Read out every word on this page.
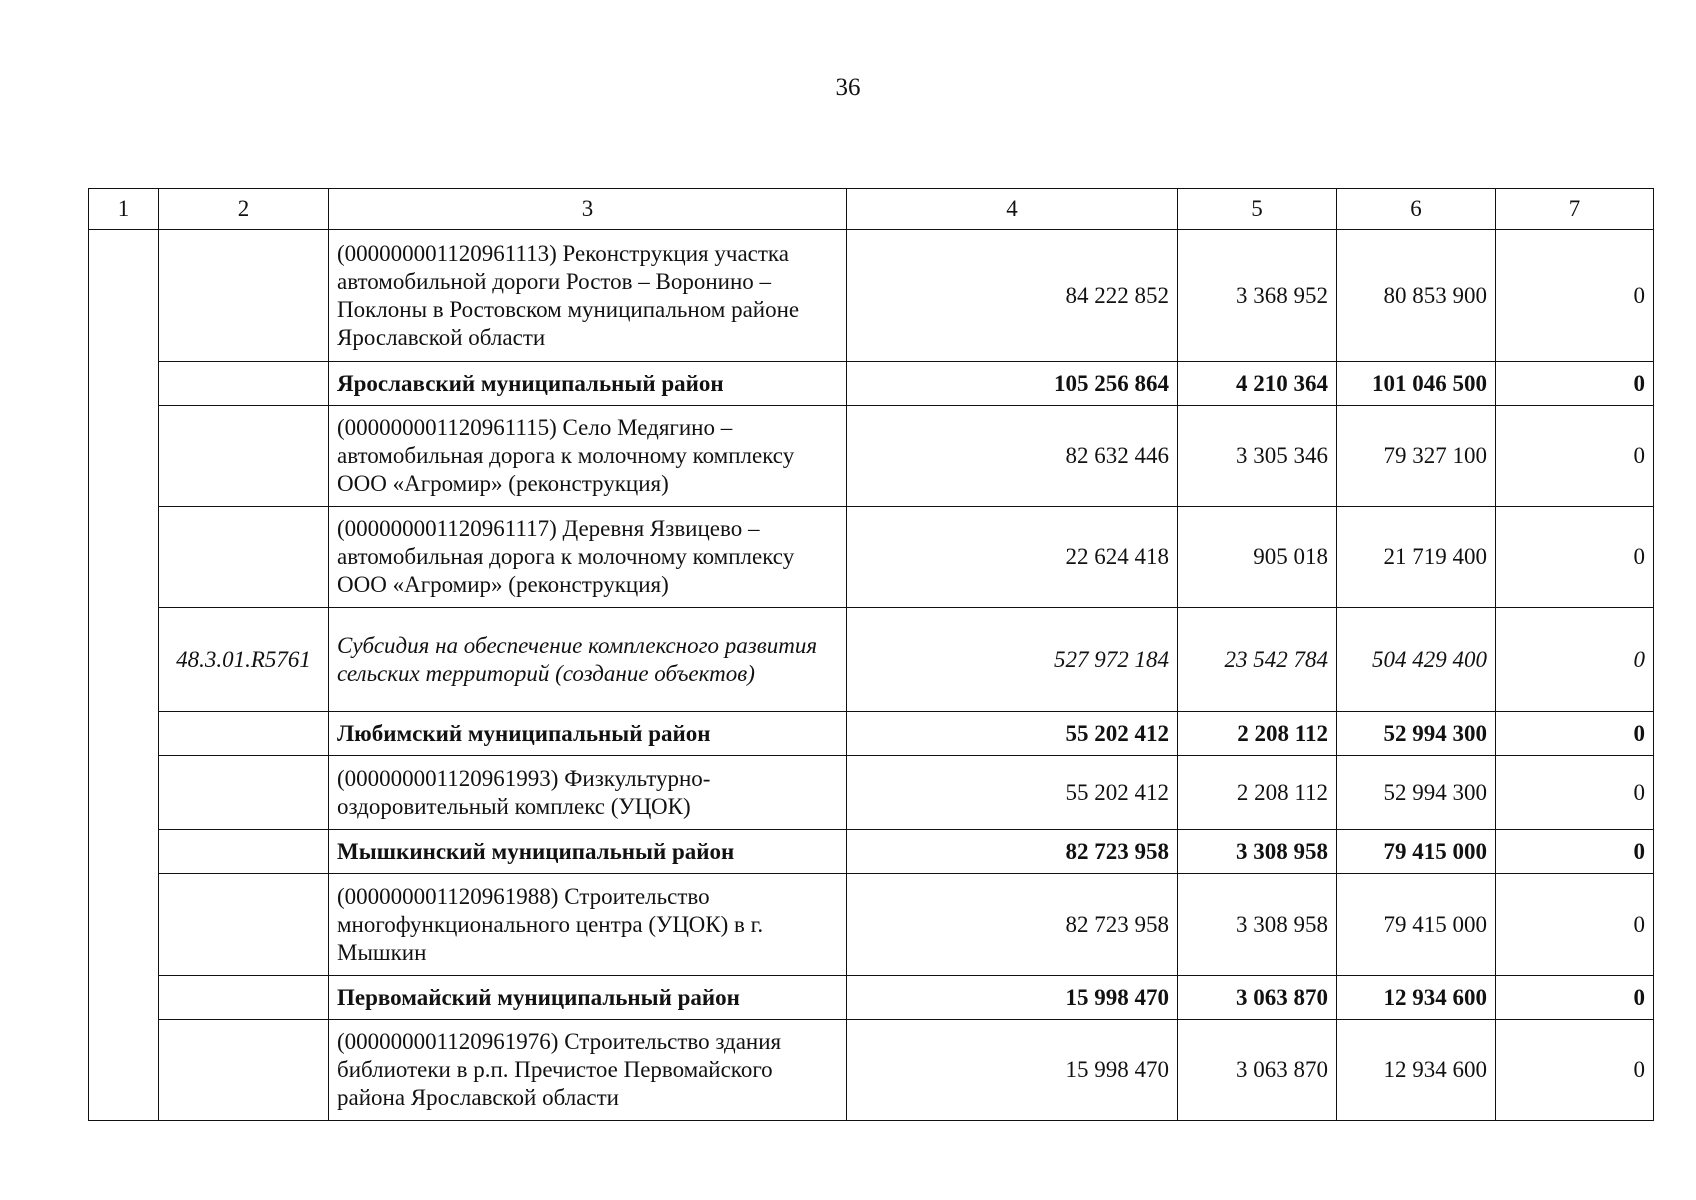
36
1	2	3	4	5	6	7
		(000000001120961113) Реконструкция участка автомобильной дороги Ростов – Воронино – Поклоны в Ростовском муниципальном районе Ярославской области	84 222 852	3 368 952	80 853 900	0
		Ярославский муниципальный район	105 256 864	4 210 364	101 046 500	0
		(000000001120961115) Село Медягино – автомобильная дорога к молочному комплексу ООО «Агромир» (реконструкция)	82 632 446	3 305 346	79 327 100	0
		(000000001120961117) Деревня Язвицево – автомобильная дорога к молочному комплексу ООО «Агромир» (реконструкция)	22 624 418	905 018	21 719 400	0
	48.3.01.R5761	Субсидия на обеспечение комплексного развития сельских территорий (создание объектов)	527 972 184	23 542 784	504 429 400	0
		Любимский муниципальный район	55 202 412	2 208 112	52 994 300	0
		(000000001120961993) Физкультурно-оздоровительный комплекс (УЦОК)	55 202 412	2 208 112	52 994 300	0
		Мышкинский муниципальный район	82 723 958	3 308 958	79 415 000	0
		(000000001120961988) Строительство многофункционального центра (УЦОК) в г. Мышкин	82 723 958	3 308 958	79 415 000	0
		Первомайский муниципальный район	15 998 470	3 063 870	12 934 600	0
		(000000001120961976) Строительство здания библиотеки в р.п. Пречистое Первомайского района Ярославской области	15 998 470	3 063 870	12 934 600	0
